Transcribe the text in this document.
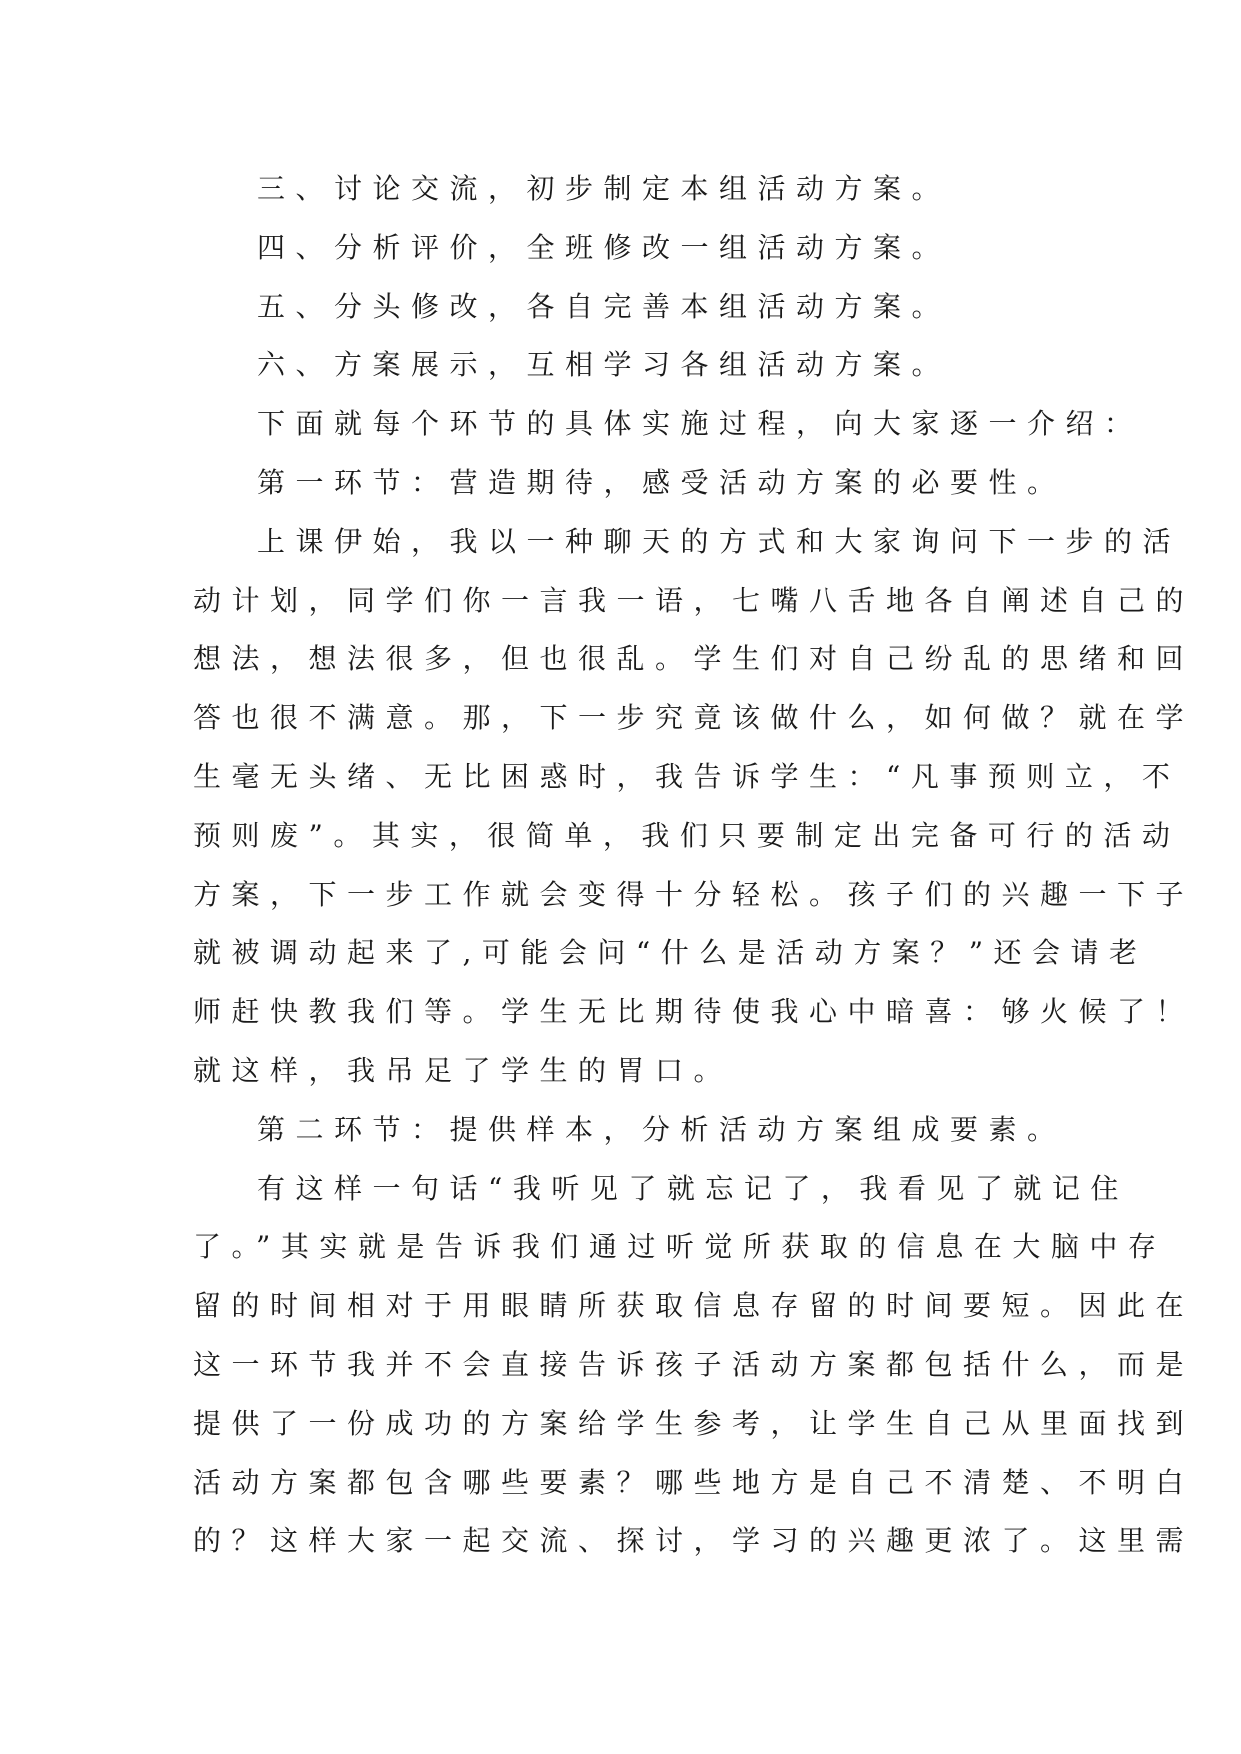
三、讨论交流，初步制定本组活动方案。
四、分析评价，全班修改一组活动方案。
五、分头修改，各自完善本组活动方案。
六、方案展示，互相学习各组活动方案。
下面就每个环节的具体实施过程，向大家逐一介绍：
第一环节：营造期待，感受活动方案的必要性。
上课伊始，我以一种聊天的方式和大家询问下一步的活
动计划，同学们你一言我一语，七嘴八舌地各自阐述自己的
想法，想法很多，但也很乱。学生们对自己纷乱的思绪和回
答也很不满意。那，下一步究竟该做什么，如何做？就在学
生毫无头绪、无比困惑时，我告诉学生：“凡事预则立，不
预则废”。其实，很简单，我们只要制定出完备可行的活动
方案，下一步工作就会变得十分轻松。孩子们的兴趣一下子
就被调动起来了,可能会问“什么是活动方案？”还会请老
师赶快教我们等。学生无比期待使我心中暗喜：够火候了！
就这样，我吊足了学生的胃口。
第二环节：提供样本，分析活动方案组成要素。
有这样一句话“我听见了就忘记了，我看见了就记住
了。”其实就是告诉我们通过听觉所获取的信息在大脑中存
留的时间相对于用眼睛所获取信息存留的时间要短。因此在
这一环节我并不会直接告诉孩子活动方案都包括什么，而是
提供了一份成功的方案给学生参考，让学生自己从里面找到
活动方案都包含哪些要素？哪些地方是自己不清楚、不明白
的？这样大家一起交流、探讨，学习的兴趣更浓了。这里需
